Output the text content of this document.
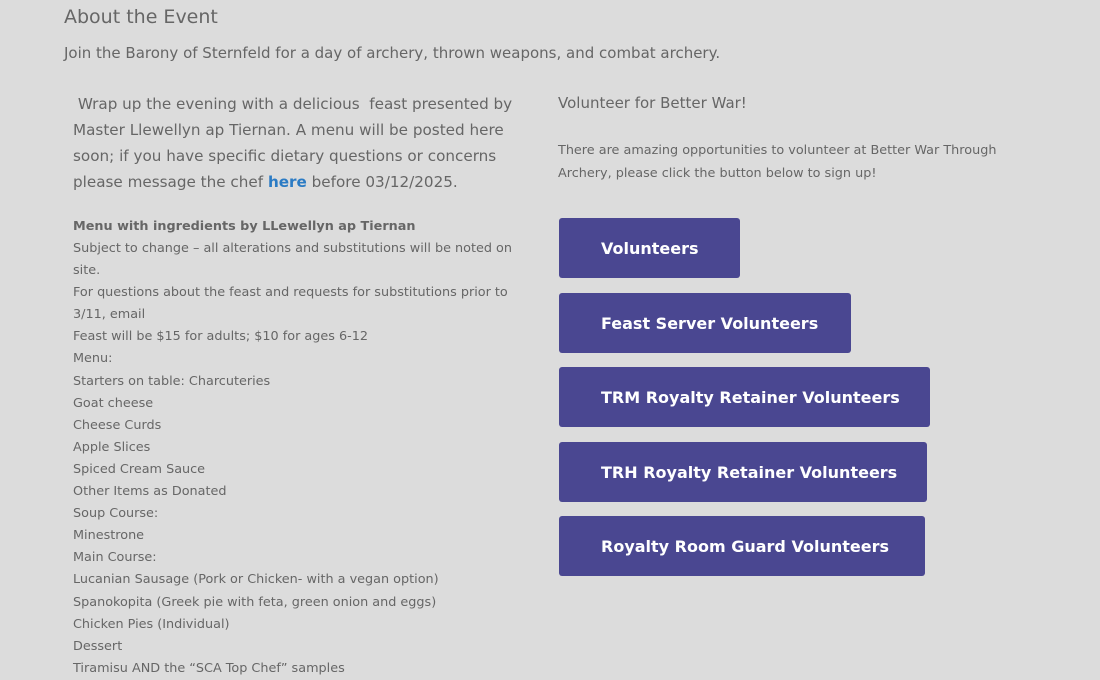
About the Event

Join the Barony of Sternfeld for a day of archery, thrown weapons, and combat archery.

Wrap up the evening with a delicious  feast presented by Master Llewellyn ap Tiernan. A menu will be posted here soon; if you have specific dietary questions or concerns please message the chef here before 03/12/2025.

Menu with ingredients by LLewellyn ap Tiernan

Subject to change – all alterations and substitutions will be noted on site.

For questions about the feast and requests for substitutions prior to 3/11, email

Feast will be $15 for adults; $10 for ages 6-12

Menu:

Starters on table: Charcuteries

Goat cheese

Cheese Curds

Apple Slices

Spiced Cream Sauce

Other Items as Donated

Soup Course:

Minestrone

Main Course:

Lucanian Sausage (Pork or Chicken- with a vegan option)

Spanokopita (Greek pie with feta, green onion and eggs)

Chicken Pies (Individual)

Dessert

Tiramisu AND the “SCA Top Chef” samples

Volunteer for Better War!

There are amazing opportunities to volunteer at Better War Through Archery, please click the button below to sign up!

Volunteers
Feast Server Volunteers
TRM Royalty Retainer Volunteers
TRH Royalty Retainer Volunteers
Royalty Room Guard Volunteers
